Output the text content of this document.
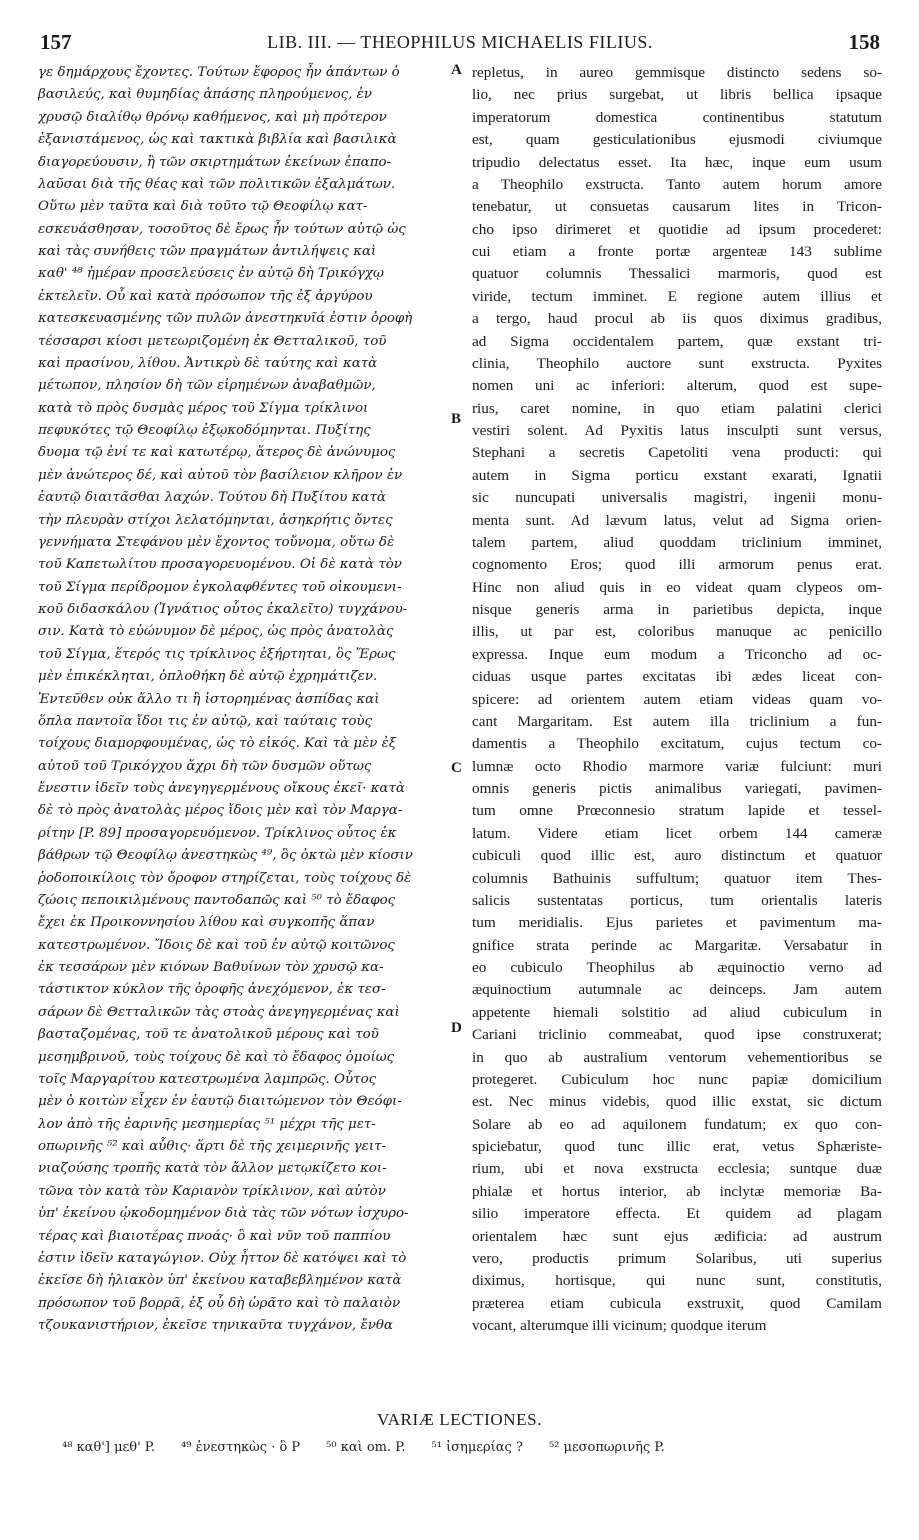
157	LIB. III. — THEOPHILUS MICHAELIS FILIUS.	158
γε δημάρχους ἔχοντες. Τούτων ἔφορος ἦν ἁπάντων ὁ
βασιλεύς, καὶ θυμηδίας ἁπάσης πληρούμενος, ἐν
χρυσῷ διαλίθῳ θρόνῳ καθήμενος, καὶ μὴ πρότερον
ἐξανιστάμενος, ὡς καὶ τακτικὰ βιβλία καὶ βασιλικὰ
διαγορεύουσιν, ἢ τῶν σκιρτημάτων ἐκείνων ἐπαπο-
λαῦσαι διὰ τῆς θέας καὶ τῶν πολιτικῶν ἐξαλμάτων.
Οὕτω μὲν ταῦτα καὶ διὰ τοῦτο τῷ Θεοφίλῳ κατ-
εσκευάσθησαν, τοσοῦτος δὲ ἔρως ἦν τούτων αὐτῷ ὡς
καὶ τὰς συνήθεις τῶν πραγμάτων ἀντιλήψεις καὶ
καθ' ⁴⁸ ἡμέραν προσελεύσεις ἐν αὐτῷ δὴ Τρικόγχῳ
ἐκτελεῖν. Οὗ καὶ κατὰ πρόσωπον τῆς ἐξ ἀργύρου
κατεσκευασμένης τῶν πυλῶν ἀνεστηκυῖά ἐστιν ὀροφὴ
τέσσαρσι κίοσι μετεωριζομένη ἐκ Θετταλικοῦ, τοῦ
καὶ πρασίνου, λίθου. Ἀντικρὺ δὲ ταύτης καὶ κατὰ
μέτωπον, πλησίον δὴ τῶν εἰρημένων ἀναβαθμῶν,
κατὰ τὸ πρὸς δυσμὰς μέρος τοῦ Σίγμα τρίκλινοι
πεφυκότες τῷ Θεοφίλῳ ἐξῳκοδόμηνται. Πυξίτης
δυομα τῷ ἑνί τε καὶ κατωτέρῳ, ἅτερος δὲ ἀνώνυμος
μὲν ἀνώτερος δέ, καὶ αὐτοῦ τὸν βασίλειον κλῆρον ἐν
ἑαυτῷ διαιτᾶσθαι λαχών. Τούτου δὴ Πυξίτου κατὰ
τὴν πλευρὰν στίχοι λελατόμηνται, ἀσηκρήτις ὄντες
γεννήματα Στεφάνου μὲν ἔχοντος τοὔνομα, οὕτω δὲ
τοῦ Καπετωλίτου προσαγορευομένου. Οἱ δὲ κατὰ τὸν
τοῦ Σίγμα περίδρομον ἐγκολαφθέντες τοῦ οἰκουμενι-
κοῦ διδασκάλου (Ἰγνάτιος οὗτος ἐκαλεῖτο) τυγχάνου-
σιν. Κατὰ τὸ εὐώνυμον δὲ μέρος, ὡς πρὸς ἀνατολὰς
τοῦ Σίγμα, ἕτερός τις τρίκλινος ἐξήρτηται, ὃς Ἔρως
μὲν ἐπικέκληται, ὁπλοθήκη δὲ αὐτῷ ἐχρημάτιζεν.
Ἐντεῦθεν οὐκ ἄλλο τι ἢ ἱστορημένας ἀσπίδας καὶ
ὅπλα παντοῖα ἴδοι τις ἐν αὐτῷ, καὶ ταύταις τοὺς
τοίχους διαμορφουμένας, ὡς τὸ εἰκός. Καὶ τὰ μὲν ἐξ
αὐτοῦ τοῦ Τρικόγχου ἄχρι δὴ τῶν δυσμῶν οὕτως
ἔνεστιν ἰδεῖν τοὺς ἀνεγηγερμένους οἴκους ἐκεῖ· κατὰ
δὲ τὸ πρὸς ἀνατολὰς μέρος ἴδοις μὲν καὶ τὸν Μαργα-
ρίτην [P. 89] προσαγορευόμενον. Τρίκλινος οὗτος ἐκ
βάθρων τῷ Θεοφίλῳ ἀνεστηκὼς ⁴⁹, ὃς ὀκτὼ μὲν κίοσιν
ῥοδοποικίλοις τὸν ὄροφον στηρίζεται, τοὺς τοίχους δὲ
ζώοις πεποικιλμένους παντοδαπῶς καὶ ⁵⁰ τὸ ἔδαφος
ἔχει ἐκ Προικοννησίου λίθου καὶ συγκοπῆς ἅπαν
κατεστρωμένον. Ἴδοις δὲ καὶ τοῦ ἐν αὐτῷ κοιτῶνος
ἐκ τεσσάρων μὲν κιόνων Βαθυίνων τὸν χρυσῷ κα-
τάστικτον κύκλον τῆς ὀροφῆς ἀνεχόμενον, ἐκ τεσ-
σάρων δὲ Θετταλικῶν τὰς στοὰς ἀνεγηγερμένας καὶ
βασταζομένας, τοῦ τε ἀνατολικοῦ μέρους καὶ τοῦ
μεσημβρινοῦ, τοὺς τοίχους δὲ καὶ τὸ ἔδαφος ὁμοίως
τοῖς Μαργαρίτου κατεστρωμένα λαμπρῶς. Οὗτος
μὲν ὁ κοιτὼν εἶχεν ἐν ἑαυτῷ διαιτώμενον τὸν Θεόφι-
λον ἀπὸ τῆς ἐαρινῆς μεσημερίας ⁵¹ μέχρι τῆς μετ-
οπωρινῆς ⁵² καὶ αὖθις· ἅρτι δὲ τῆς χειμερινῆς γειτ-
νιαζούσης τροπῆς κατὰ τὸν ἄλλον μετῳκίζετο κοι-
τῶνα τὸν κατὰ τὸν Καριανὸν τρίκλινον, καὶ αὐτὸν
ὑπ' ἐκείνου ᾠκοδομημένον διὰ τὰς τῶν νότων ἰσχυρο-
τέρας καὶ βιαιοτέρας πνοάς· ὃ καὶ νῦν τοῦ παππίου
ἐστιν ἰδεῖν καταγώγιον. Οὐχ ἧττον δὲ κατόψει καὶ τὸ
ἐκεῖσε δὴ ἡλιακὸν ὑπ' ἐκείνου καταβεβλημένον κατὰ
πρόσωπον τοῦ βορρᾶ, ἐξ οὗ δὴ ὡρᾶτο καὶ τὸ παλαιὸν
τζουκανιστήριον, ἐκεῖσε τηνικαῦτα τυγχάνον, ἔνθα
repletus, in aureo gemmisque distincto sedens so-
lio, nec prius surgebat, ut libris bellica ipsaque
imperatorum domestica continentibus statutum
est, quam gesticulationibus ejusmodi civiumque
tripudio delectatus esset. Ita hæc, inque eum usum
a Theophilo exstructa. Tanto autem horum amore
tenebatur, ut consuetas causarum lites in Tricon-
cho ipso dirimeret et quotidie ad ipsum procederet:
cui etiam a fronte portæ argenteæ 143 sublime
quatuor columnis Thessalici marmoris, quod est
viride, tectum imminet. E regione autem illius et
a tergo, haud procul ab iis quos diximus gradibus,
ad Sigma occidentalem partem, quæ exstant tri-
clinia, Theophilo auctore sunt exstructa. Pyxites
nomen uni ac inferiori: alterum, quod est supe-
rius, caret nomine, in quo etiam palatini clerici
vestiri solent. Ad Pyxitis latus insculpti sunt versus,
Stephani a secretis Capetoliti vena producti: qui
autem in Sigma porticu exstant exarati, Ignatii
sic nuncupati universalis magistri, ingenii monu-
menta sunt. Ad lævum latus, velut ad Sigma orien-
talem partem, aliud quoddam triclinium imminet,
cognomento Eros; quod illi armorum penus erat.
Hinc non aliud quis in eo videat quam clypeos om-
nisque generis arma in parietibus depicta, inque
illis, ut par est, coloribus manuque ac penicillo
expressa. Inque eum modum a Triconcho ad oc-
ciduas usque partes excitatas ibi ædes liceat con-
spicere: ad orientem autem etiam videas quam vo-
cant Margaritam. Est autem illa triclinium a fun-
damentis a Theophilo excitatum, cujus tectum co-
lumnæ octo Rhodio marmore variæ fulciunt: muri
omnis generis pictis animalibus variegati, pavimen-
tum omne Prœconnesio stratum lapide et tessel-
latum. Videre etiam licet orbem 144 cameræ
cubiculi quod illic est, auro distinctum et quatuor
columnis Bathuinis suffultum; quatuor item Thes-
salicis sustentatas porticus, tum orientalis lateris
tum meridialis. Ejus parietes et pavimentum ma-
gnifice strata perinde ac Margaritæ. Versabatur in
eo cubiculo Theophilus ab æquinoctio verno ad
æquinoctium autumnale ac deinceps. Jam autem
appetente hiemali solstitio ad aliud cubiculum in
Cariani triclinio commeabat, quod ipse construxerat;
in quo ab australium ventorum vehementioribus se
protegeret. Cubiculum hoc nunc papiæ domicilium
est. Nec minus videbis, quod illic exstat, sic dictum
Solare ab eo ad aquilonem fundatum; ex quo con-
spiciebatur, quod tunc illic erat, vetus Sphæriste-
rium, ubi et nova exstructa ecclesia; suntque duæ
phialæ et hortus interior, ab inclytæ memoriæ Ba-
silio imperatore effecta. Et quidem ad plagam
orientalem hæc sunt ejus ædificia: ad austrum
vero, productis primum Solaribus, uti superius
diximus, hortisque, qui nunc sunt, constitutis,
præterea etiam cubicula exstruxit, quod Camilam
vocant, alterumque illi vicinum; quodque iterum
A
B
C
D
VARIÆ LECTIONES.
⁴⁸ καθ'] μεθ' P. ⁴⁹ ἐνεστηκὼς · ὃ P ⁵⁰ καὶ om. P. ⁵¹ ἰσημερίας ? ⁵² μεσοπωρινῆς P.
